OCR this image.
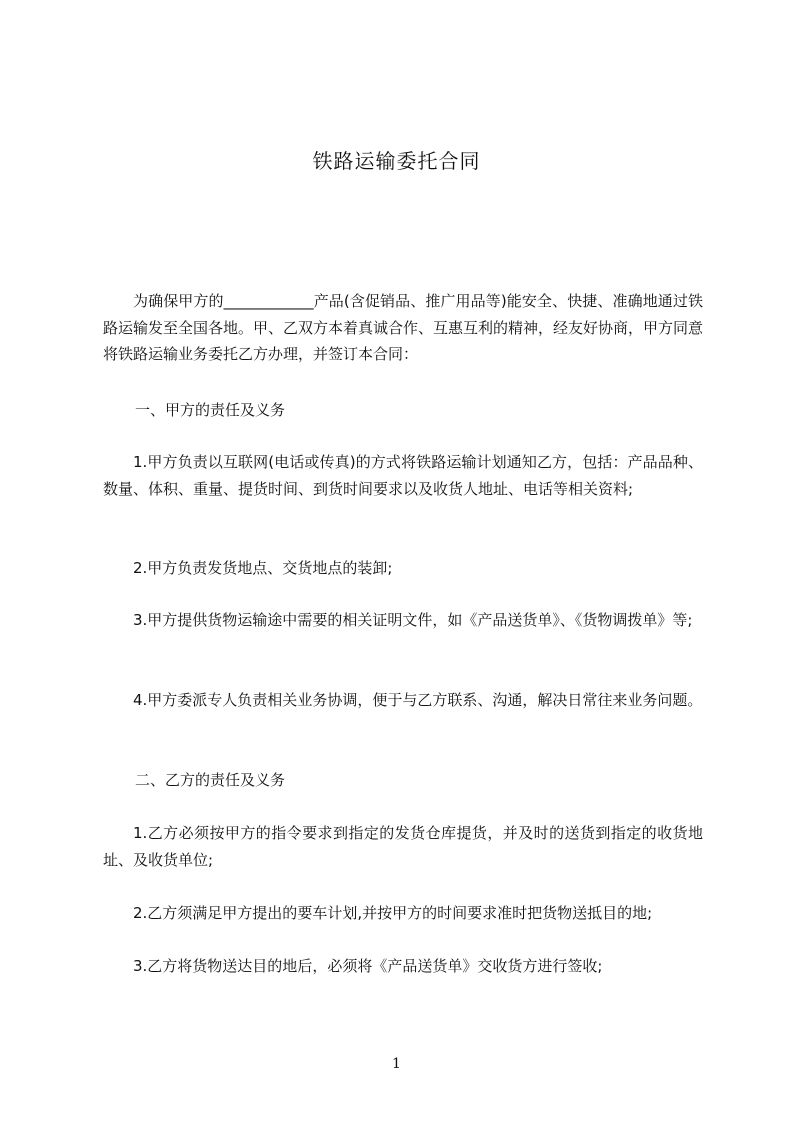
铁路运输委托合同

为确保甲方的____________产品(含促销品、推广用品等)能安全、快捷、准确地通过铁路运输发至全国各地。甲、乙双方本着真诚合作、互惠互利的精神，经友好协商，甲方同意将铁路运输业务委托乙方办理，并签订本合同：

一、甲方的责任及义务

1.甲方负责以互联网(电话或传真)的方式将铁路运输计划通知乙方，包括：产品品种、数量、体积、重量、提货时间、到货时间要求以及收货人地址、电话等相关资料;

2.甲方负责发货地点、交货地点的装卸;

3.甲方提供货物运输途中需要的相关证明文件，如《产品送货单》、《货物调拨单》等;

4.甲方委派专人负责相关业务协调，便于与乙方联系、沟通，解决日常往来业务问题。

二、乙方的责任及义务

1.乙方必须按甲方的指令要求到指定的发货仓库提货，并及时的送货到指定的收货地址、及收货单位;

2.乙方须满足甲方提出的要车计划,并按甲方的时间要求准时把货物送抵目的地;

3.乙方将货物送达目的地后，必须将《产品送货单》交收货方进行签收;

1
